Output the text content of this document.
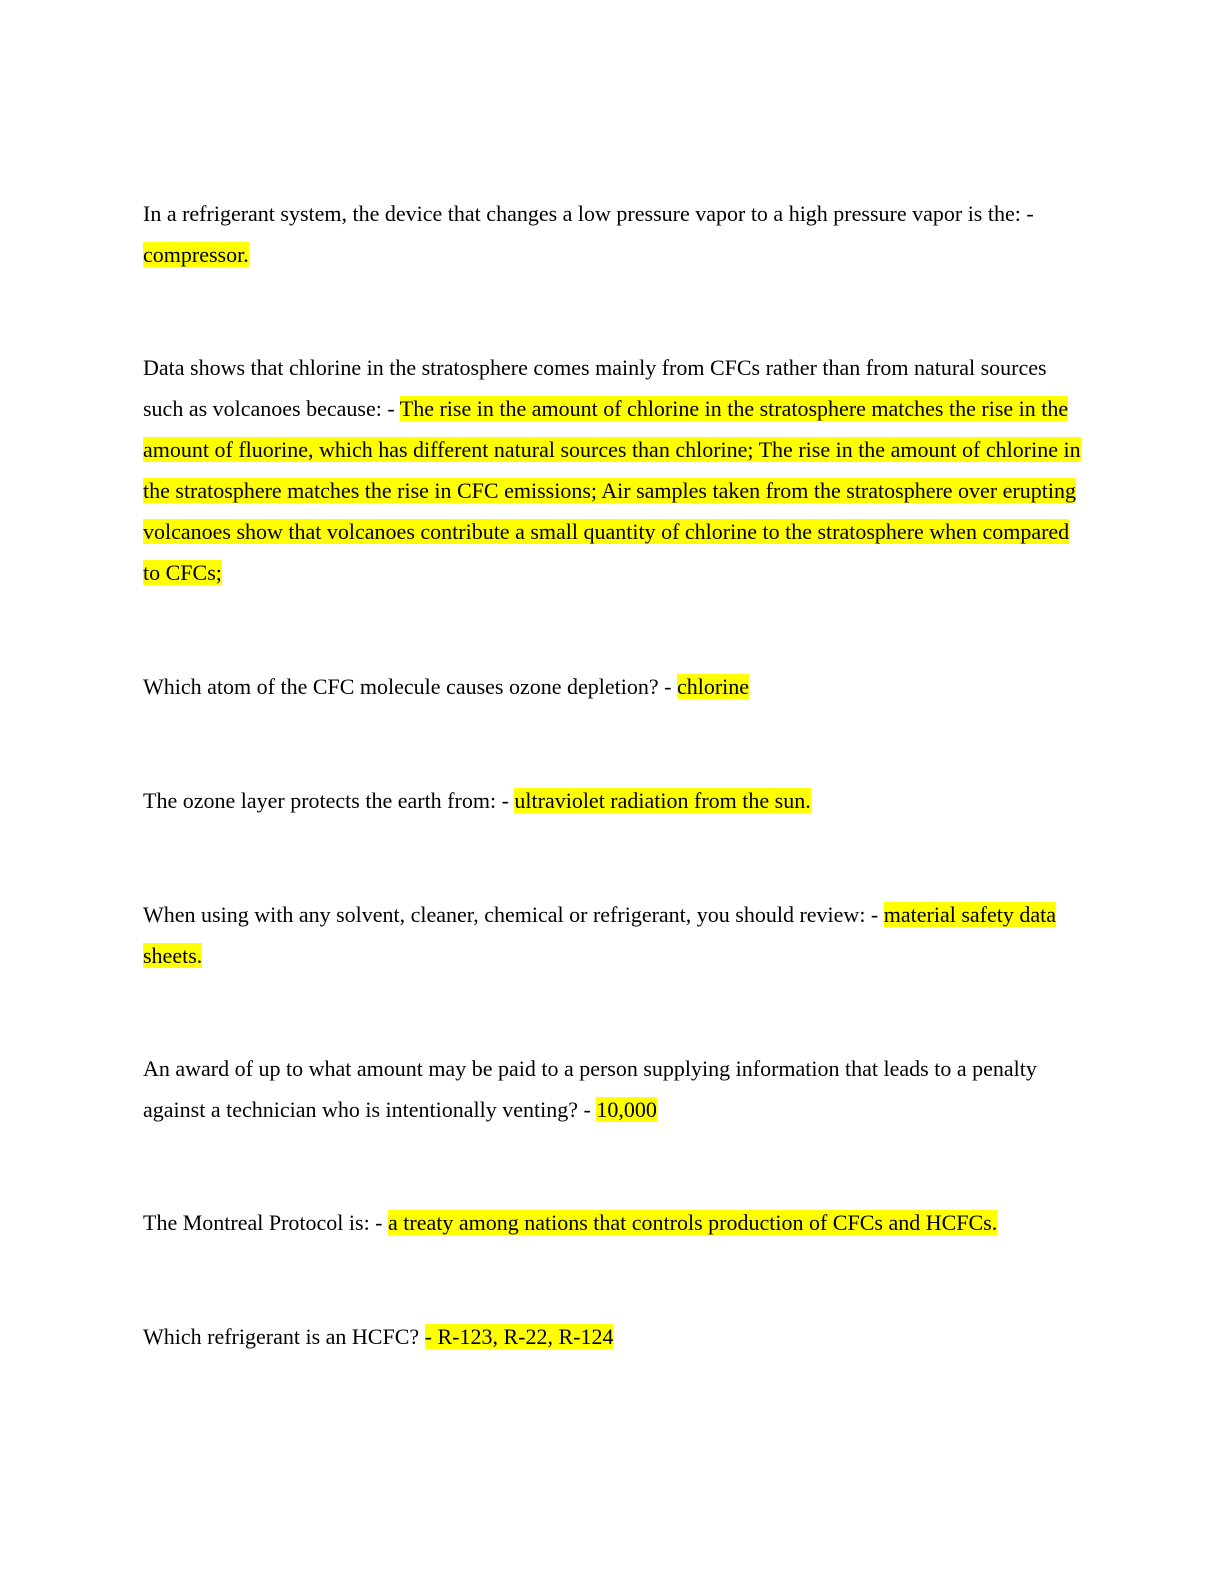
In a refrigerant system, the device that changes a low pressure vapor to a high pressure vapor is the: - compressor.

Data shows that chlorine in the stratosphere comes mainly from CFCs rather than from natural sources such as volcanoes because: - The rise in the amount of chlorine in the stratosphere matches the rise in the amount of fluorine, which has different natural sources than chlorine; The rise in the amount of chlorine in the stratosphere matches the rise in CFC emissions; Air samples taken from the stratosphere over erupting volcanoes show that volcanoes contribute a small quantity of chlorine to the stratosphere when compared to CFCs;

Which atom of the CFC molecule causes ozone depletion? - chlorine

The ozone layer protects the earth from: - ultraviolet radiation from the sun.

When using with any solvent, cleaner, chemical or refrigerant, you should review: - material safety data sheets.

An award of up to what amount may be paid to a person supplying information that leads to a penalty against a technician who is intentionally venting? - 10,000

The Montreal Protocol is: - a treaty among nations that controls production of CFCs and HCFCs.

Which refrigerant is an HCFC? - R-123, R-22, R-124
